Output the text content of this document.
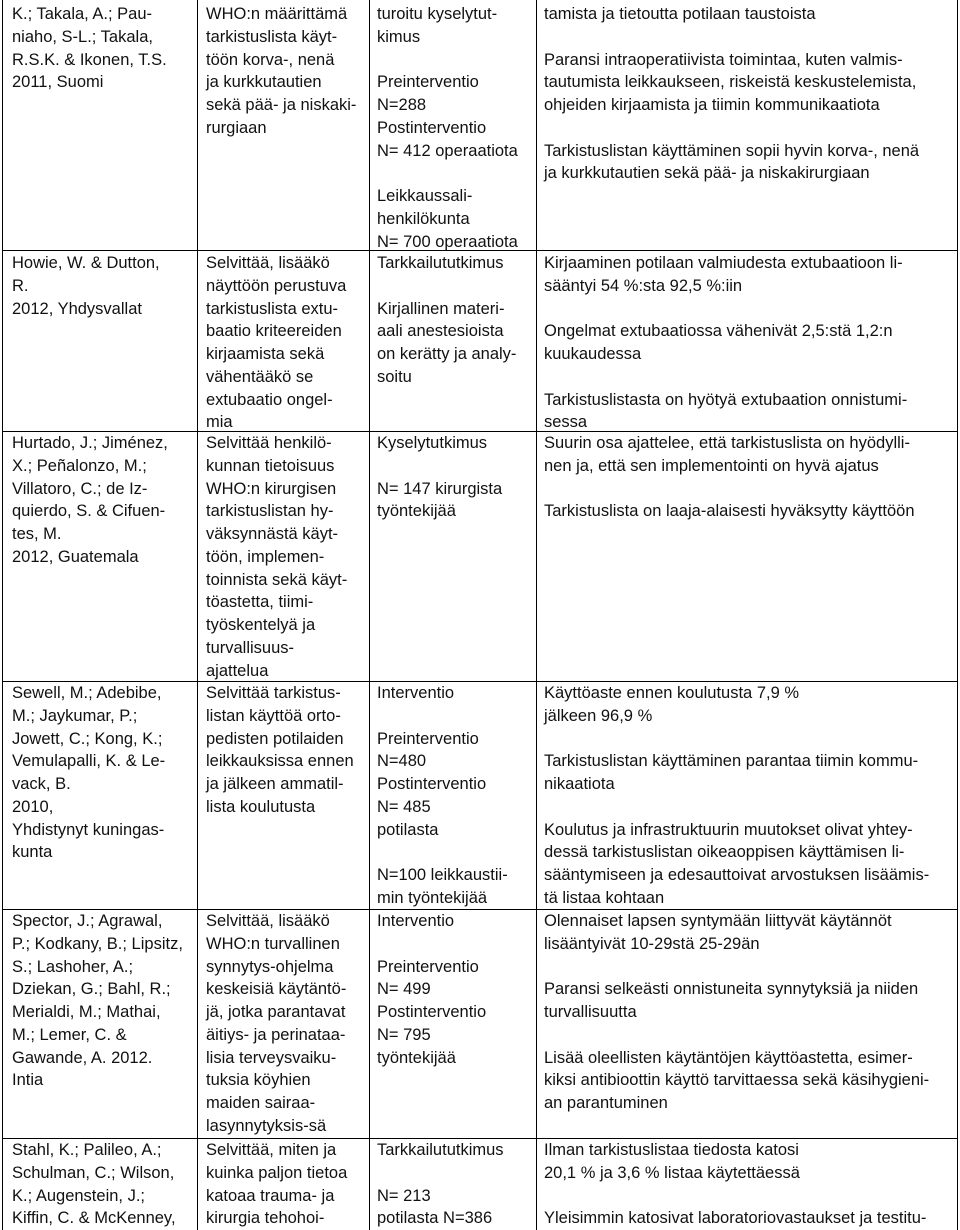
K.; Takala, A.; Pau-
niaho, S-L.; Takala,
R.S.K. & Ikonen, T.S.
2011, Suomi
WHO:n määrittämä
tarkistuslista käyt-
töön korva-, nenä
ja kurkkutautien
sekä pää- ja niskaki-
rurgiaan
turoitu kyselytut-
kimus
Preinterventio
N=288
Postinterventio
N= 412 operaatiota
Leikkaussali-
henkilökunta
N= 700 operaatiota
tamista ja tietoutta potilaan taustoista
Paransi intraoperatiivista toimintaa, kuten valmis-
tautumista leikkaukseen, riskeistä keskustelemista,
ohjeiden kirjaamista ja tiimin kommunikaatiota
Tarkistuslistan käyttäminen sopii hyvin korva-, nenä
ja kurkkutautien sekä pää- ja niskakirurgiaan
Howie, W. & Dutton,
R.
2012, Yhdysvallat
Selvittää, lisääkö
näyttöön perustuva
tarkistuslista extu-
baatio kriteereiden
kirjaamista sekä
vähentääkö se
extubaatio ongel-
mia
Tarkkailututkimus
Kirjallinen materi-
aali anestesioista
on kerätty ja analy-
soitu
Kirjaaminen potilaan valmiudesta extubaatioon li-
sääntyi 54 %:sta 92,5 %:iin
Ongelmat extubaatiossa vähenivät 2,5:stä 1,2:n
kuukaudessa
Tarkistuslistasta on hyötyä extubaation onnistumi-
sessa
Hurtado, J.; Jiménez,
X.; Peñalonzo, M.;
Villatoro, C.; de Iz-
quierdo, S. & Cifuen-
tes, M.
2012, Guatemala
Selvittää henkilö-
kunnan tietoisuus
WHO:n kirurgisen
tarkistuslistan hy-
väksynnästä käyt-
töön, implemen-
toinnista sekä käyt-
töastetta, tiimi-
työskentelyä ja
turvallisuus-
ajattelua
Kyselytutkimus
N= 147 kirurgista
työntekijää
Suurin osa ajattelee, että tarkistuslista on hyödylli-
nen ja, että sen implementointi on hyvä ajatus
Tarkistuslista on laaja-alaisesti hyväksytty käyttöön
Sewell, M.; Adebibe,
M.; Jaykumar, P.;
Jowett, C.; Kong, K.;
Vemulapalli, K. & Le-
vack, B.
2010,
Yhdistynyt kuningas-
kunta
Selvittää tarkistus-
listan käyttöä orto-
pedisten potilaiden
leikkauksissa ennen
ja jälkeen ammatil-
lista koulutusta
Interventio
Preinterventio
N=480
Postinterventio
N= 485
potilasta
N=100 leikkaustii-
min työntekijää
Käyttöaste ennen koulutusta 7,9 %
jälkeen 96,9 %
Tarkistuslistan käyttäminen parantaa tiimin kommu-
nikaatiota
Koulutus ja infrastruktuurin muutokset olivat yhtey-
dessä tarkistuslistan oikeaoppisen käyttämisen li-
sääntymiseen ja edesauttoivat arvostuksen lisäämis-
tä listaa kohtaan
Spector, J.; Agrawal,
P.; Kodkany, B.; Lipsitz,
S.; Lashoher, A.;
Dziekan, G.; Bahl, R.;
Merialdi, M.; Mathai,
M.; Lemer, C. &
Gawande, A. 2012.
Intia
Selvittää, lisääkö
WHO:n turvallinen
synnytys-ohjelma
keskeisiä käytäntö-
jä, jotka parantavat
äitiys- ja perinataa-
lisia terveysvaiku-
tuksia köyhien
maiden sairaa-
lasynnytyksis-sä
Interventio
Preinterventio
N= 499
Postinterventio
N= 795
työntekijää
Olennaiset lapsen syntymään liittyvät käytännöt
lisääntyivät 10-29stä 25-29än
Paransi selkeästi onnistuneita synnytyksiä ja niiden
turvallisuutta
Lisää oleellisten käytäntöjen käyttöastetta, esimer-
kiksi antibioottin käyttö tarvittaessa sekä käsihygieni-
an parantuminen
Stahl, K.; Palileo, A.;
Schulman, C.; Wilson,
K.; Augenstein, J.;
Kiffin, C. & McKenney,
Selvittää, miten ja
kuinka paljon tietoa
katoaa trauma- ja
kirurgia tehohoi-
Tarkkailututkimus
N= 213
potilasta N=386
Ilman tarkistuslistaa tiedosta katosi
20,1 % ja 3,6 % listaa käytettäessä
Yleisimmin katosivat laboratoriovastaukset ja testitu-
